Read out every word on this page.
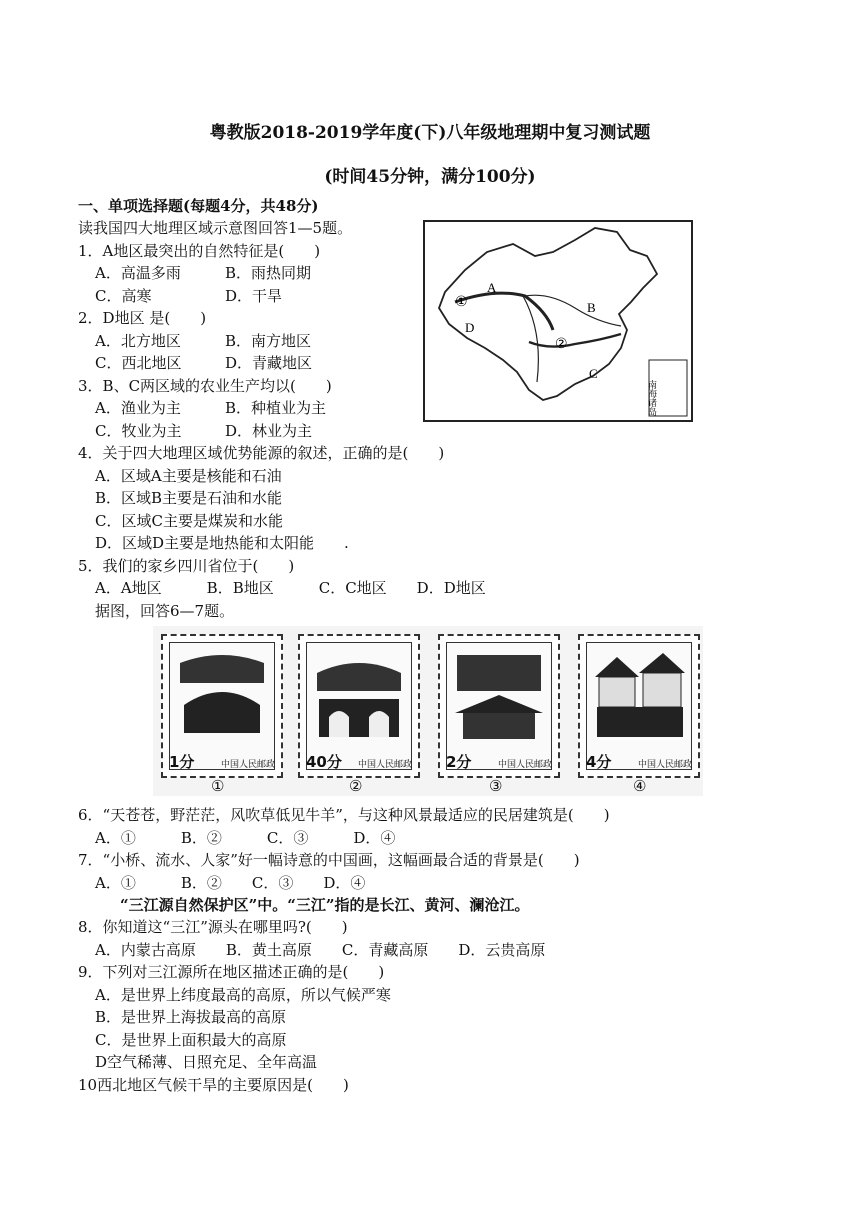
粤教版2018-2019学年度(下)八年级地理期中复习测试题
(时间45分钟，满分100分)
一、单项选择题(每题4分，共48分)
读我国四大地理区域示意图回答1—5题。
1．A地区最突出的自然特征是(　　)
A．高温多雨	B．雨热同期
C．高寒	D．干旱
2．D地区 是(　　)
A．北方地区	B．南方地区
C．西北地区	D．青藏地区
3．B、C两区域的农业生产均以(　　)
A．渔业为主	B．种植业为主
C．牧业为主	D．林业为主
A
B
C
D
①
②
南海诸岛
4．关于四大地理区域优势能源的叙述，正确的是(　　)
A．区域A主要是核能和石油
B．区域B主要是石油和水能
C．区域C主要是煤炭和水能
D．区域D主要是地热能和太阳能　　.
5．我们的家乡四川省位于(　　)
A．A地区　　　B．B地区　　　C．C地区　　D．D地区
据图，回答6—7题。
1分	中国人民邮政 40分 中国人民邮政 2分	中国人民邮政 4分	中国人民邮政
①	②	③	④
6．“天苍苍，野茫茫，风吹草低见牛羊”，与这种风景最适应的民居建筑是(　　)
A．①　　　B．②　　　C．③　　　D．④
7．“小桥、流水、人家”好一幅诗意的中国画，这幅画最合适的背景是(　　)
A．①　　　B．②　　C．③　　D．④
“三江源自然保护区”中。“三江”指的是长江、黄河、澜沧江。
8．你知道这“三江”源头在哪里吗?(　　)
A．内蒙古高原　　B．黄土高原　　C．青藏高原　　D．云贵高原
9．下列对三江源所在地区描述正确的是(　　)
A．是世界上纬度最高的高原，所以气候严寒
B．是世界上海拔最高的高原
C．是世界上面积最大的高原
D空气稀薄、日照充足、全年高温
10西北地区气候干旱的主要原因是(　　)
